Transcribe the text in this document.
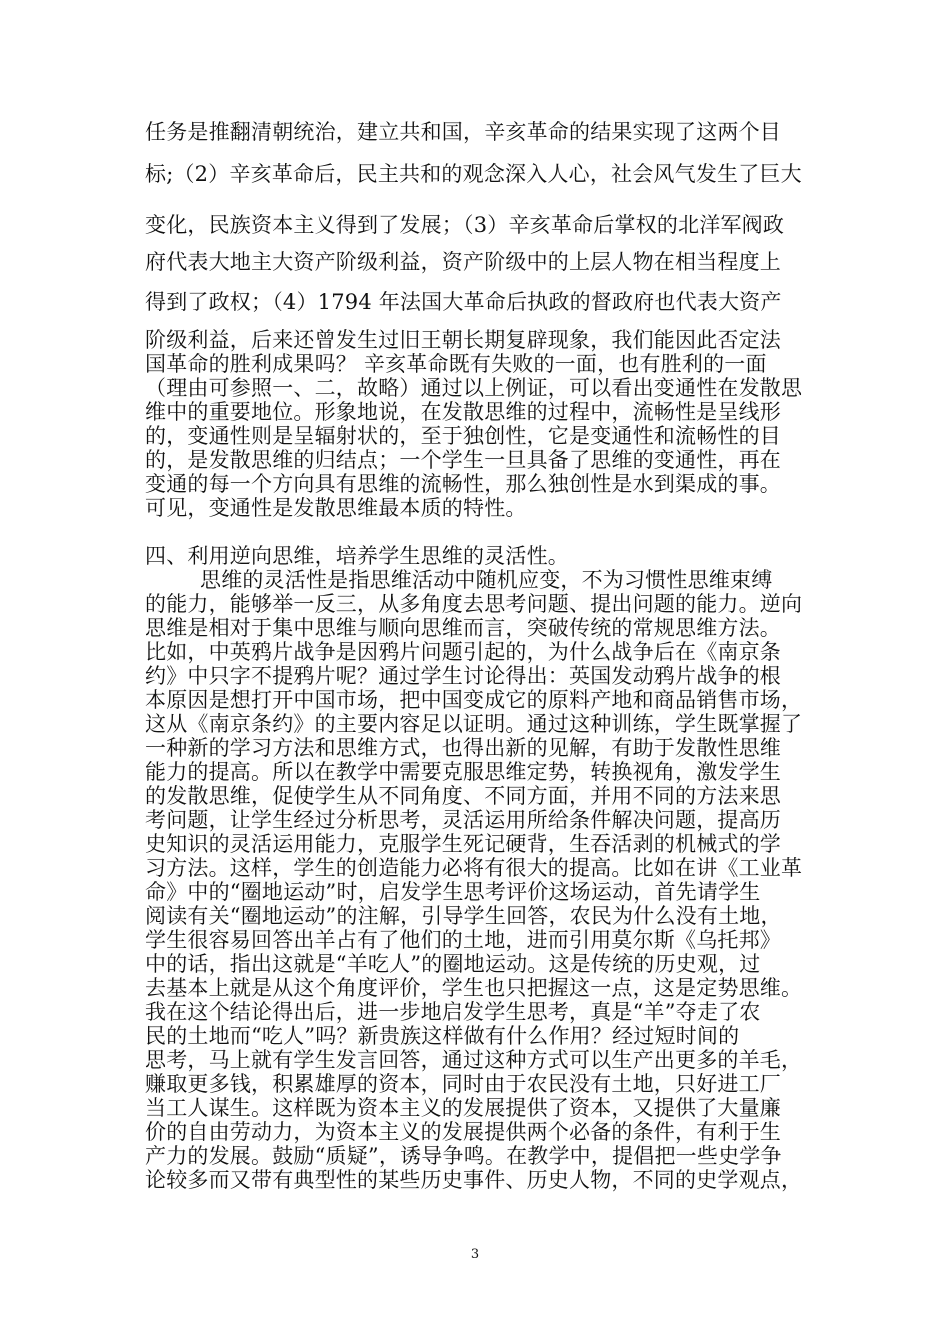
任务是推翻清朝统治，建立共和国，辛亥革命的结果实现了这两个目
标;（2）辛亥革命后，民主共和的观念深入人心，社会风气发生了巨大
变化，民族资本主义得到了发展；（3）辛亥革命后掌权的北洋军阀政
府代表大地主大资产阶级利益，资产阶级中的上层人物在相当程度上
得到了政权；（4）1794 年法国大革命后执政的督政府也代表大资产
阶级利益，后来还曾发生过旧王朝长期复辟现象，我们能因此否定法
国革命的胜利成果吗？ 辛亥革命既有失败的一面，也有胜利的一面
（理由可参照一、二，故略）通过以上例证，可以看出变通性在发散思
维中的重要地位。形象地说，在发散思维的过程中，流畅性是呈线形
的，变通性则是呈辐射状的，至于独创性，它是变通性和流畅性的目
的，是发散思维的归结点；一个学生一旦具备了思维的变通性，再在
变通的每一个方向具有思维的流畅性，那么独创性是水到渠成的事。
可见，变通性是发散思维最本质的特性。
四、利用逆向思维，培养学生思维的灵活性。
思维的灵活性是指思维活动中随机应变，不为习惯性思维束缚
的能力，能够举一反三，从多角度去思考问题、提出问题的能力。逆向
思维是相对于集中思维与顺向思维而言，突破传统的常规思维方法。
比如，中英鸦片战争是因鸦片问题引起的，为什么战争后在《南京条
约》中只字不提鸦片呢？通过学生讨论得出：英国发动鸦片战争的根
本原因是想打开中国市场，把中国变成它的原料产地和商品销售市场，
这从《南京条约》的主要内容足以证明。通过这种训练，学生既掌握了
一种新的学习方法和思维方式，也得出新的见解，有助于发散性思维
能力的提高。所以在教学中需要克服思维定势，转换视角，激发学生
的发散思维，促使学生从不同角度、不同方面，并用不同的方法来思
考问题，让学生经过分析思考，灵活运用所给条件解决问题，提高历
史知识的灵活运用能力，克服学生死记硬背，生吞活剥的机械式的学
习方法。这样，学生的创造能力必将有很大的提高。比如在讲《工业革
命》中的“圈地运动”时，启发学生思考评价这场运动，首先请学生
阅读有关“圈地运动”的注解，引导学生回答，农民为什么没有土地，
学生很容易回答出羊占有了他们的土地，进而引用莫尔斯《乌托邦》
中的话，指出这就是“羊吃人”的圈地运动。这是传统的历史观，过
去基本上就是从这个角度评价，学生也只把握这一点，这是定势思维。
我在这个结论得出后，进一步地启发学生思考，真是“羊”夺走了农
民的土地而“吃人”吗？新贵族这样做有什么作用？经过短时间的
思考，马上就有学生发言回答，通过这种方式可以生产出更多的羊毛，
赚取更多钱，积累雄厚的资本，同时由于农民没有土地，只好进工厂
当工人谋生。这样既为资本主义的发展提供了资本，又提供了大量廉
价的自由劳动力，为资本主义的发展提供两个必备的条件，有利于生
产力的发展。鼓励“质疑”，诱导争鸣。在教学中，提倡把一些史学争
论较多而又带有典型性的某些历史事件、历史人物，不同的史学观点，
3
